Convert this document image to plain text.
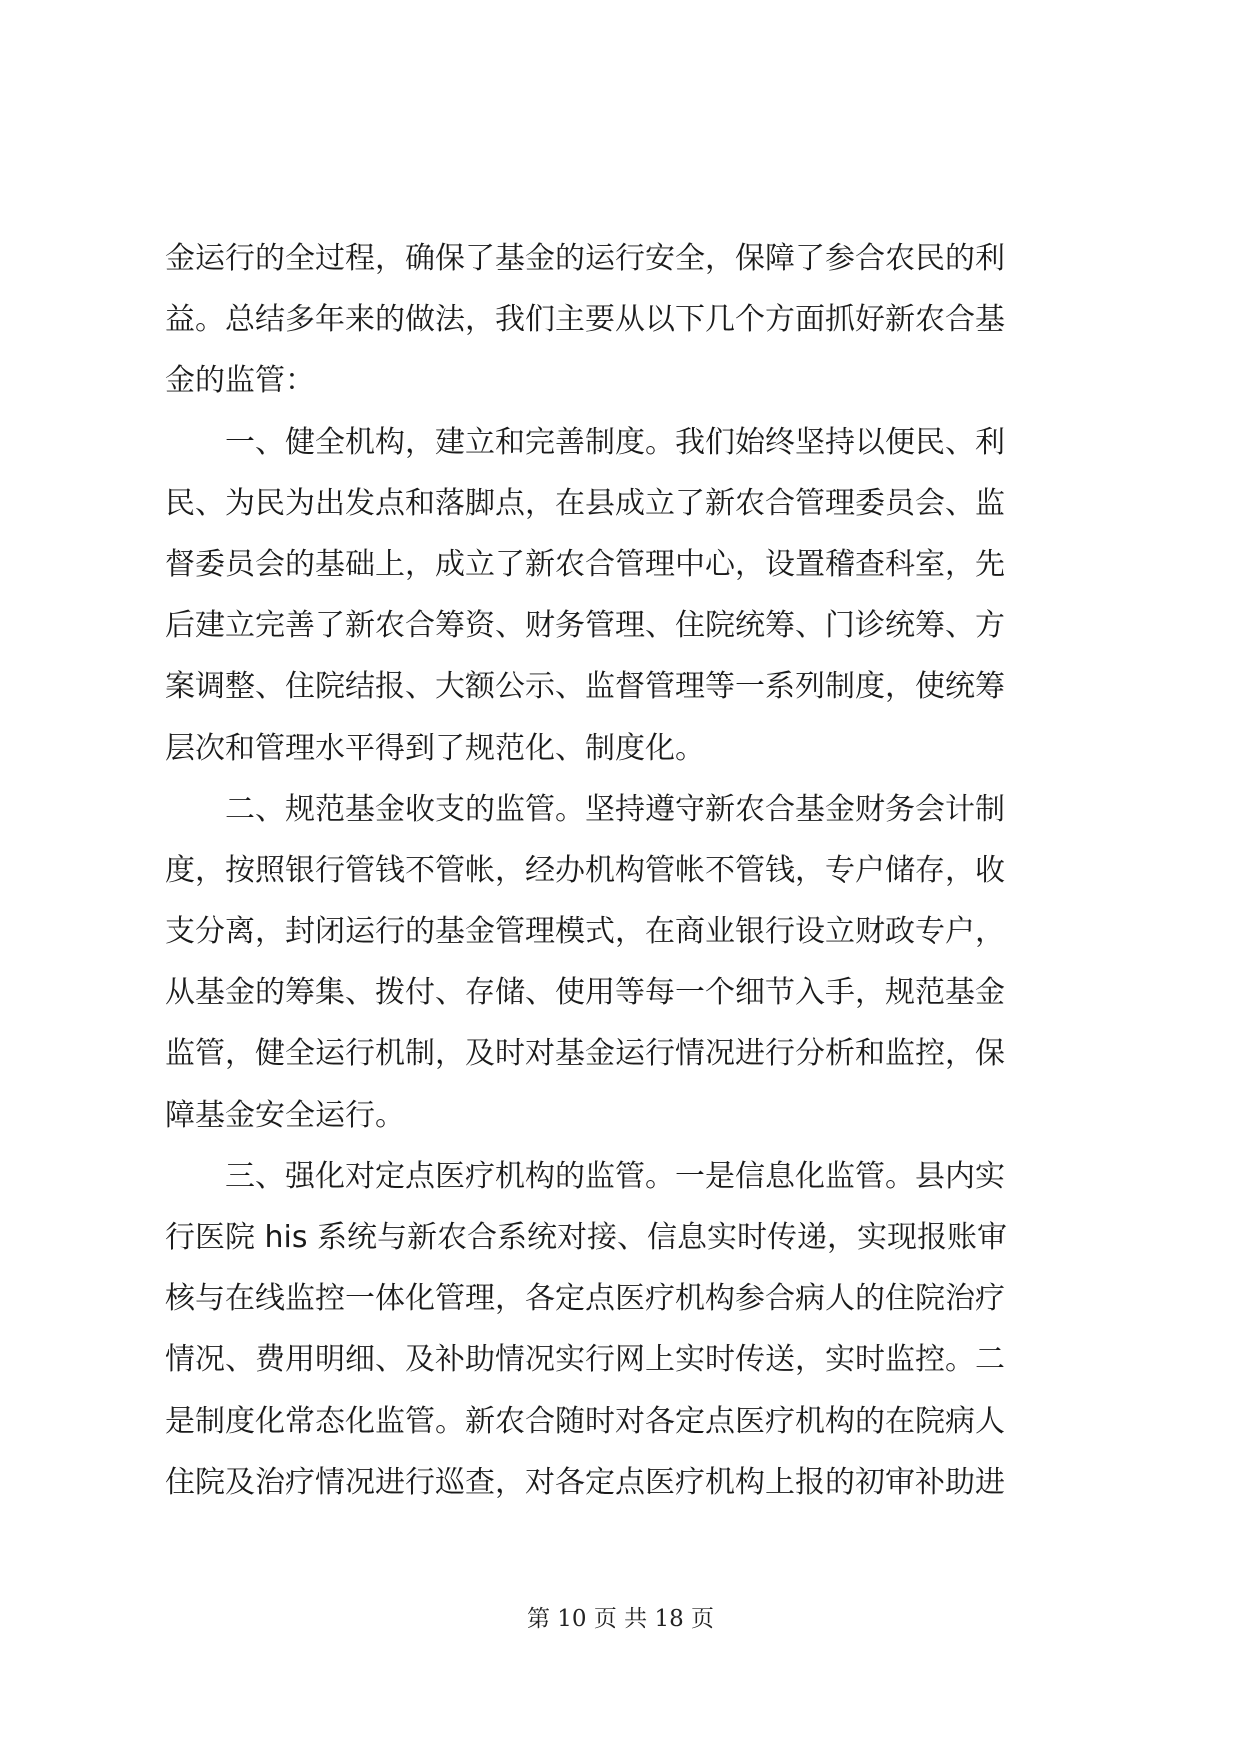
金运行的全过程，确保了基金的运行安全，保障了参合农民的利
益。总结多年来的做法，我们主要从以下几个方面抓好新农合基
金的监管：
　　一、健全机构，建立和完善制度。我们始终坚持以便民、利
民、为民为出发点和落脚点，在县成立了新农合管理委员会、监
督委员会的基础上，成立了新农合管理中心，设置稽查科室，先
后建立完善了新农合筹资、财务管理、住院统筹、门诊统筹、方
案调整、住院结报、大额公示、监督管理等一系列制度，使统筹
层次和管理水平得到了规范化、制度化。
　　二、规范基金收支的监管。坚持遵守新农合基金财务会计制
度，按照银行管钱不管帐，经办机构管帐不管钱，专户储存，收
支分离，封闭运行的基金管理模式，在商业银行设立财政专户，
从基金的筹集、拨付、存储、使用等每一个细节入手，规范基金
监管，健全运行机制，及时对基金运行情况进行分析和监控，保
障基金安全运行。
　　三、强化对定点医疗机构的监管。一是信息化监管。县内实
行医院 his 系统与新农合系统对接、信息实时传递，实现报账审
核与在线监控一体化管理，各定点医疗机构参合病人的住院治疗
情况、费用明细、及补助情况实行网上实时传送，实时监控。二
是制度化常态化监管。新农合随时对各定点医疗机构的在院病人
住院及治疗情况进行巡查，对各定点医疗机构上报的初审补助进
第 10 页 共 18 页
